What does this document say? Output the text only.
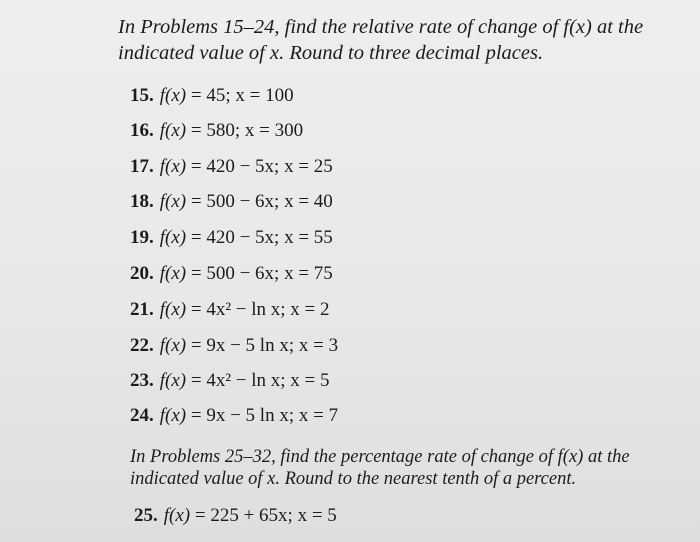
In Problems 15–24, find the relative rate of change of f(x) at the indicated value of x. Round to three decimal places.
15. f(x) = 45; x = 100
16. f(x) = 580; x = 300
17. f(x) = 420 − 5x; x = 25
18. f(x) = 500 − 6x; x = 40
19. f(x) = 420 − 5x; x = 55
20. f(x) = 500 − 6x; x = 75
21. f(x) = 4x² − ln x; x = 2
22. f(x) = 9x − 5 ln x; x = 3
23. f(x) = 4x² − ln x; x = 5
24. f(x) = 9x − 5 ln x; x = 7
In Problems 25–32, find the percentage rate of change of f(x) at the indicated value of x. Round to the nearest tenth of a percent.
25. f(x) = 225 + 65x; x = 5
